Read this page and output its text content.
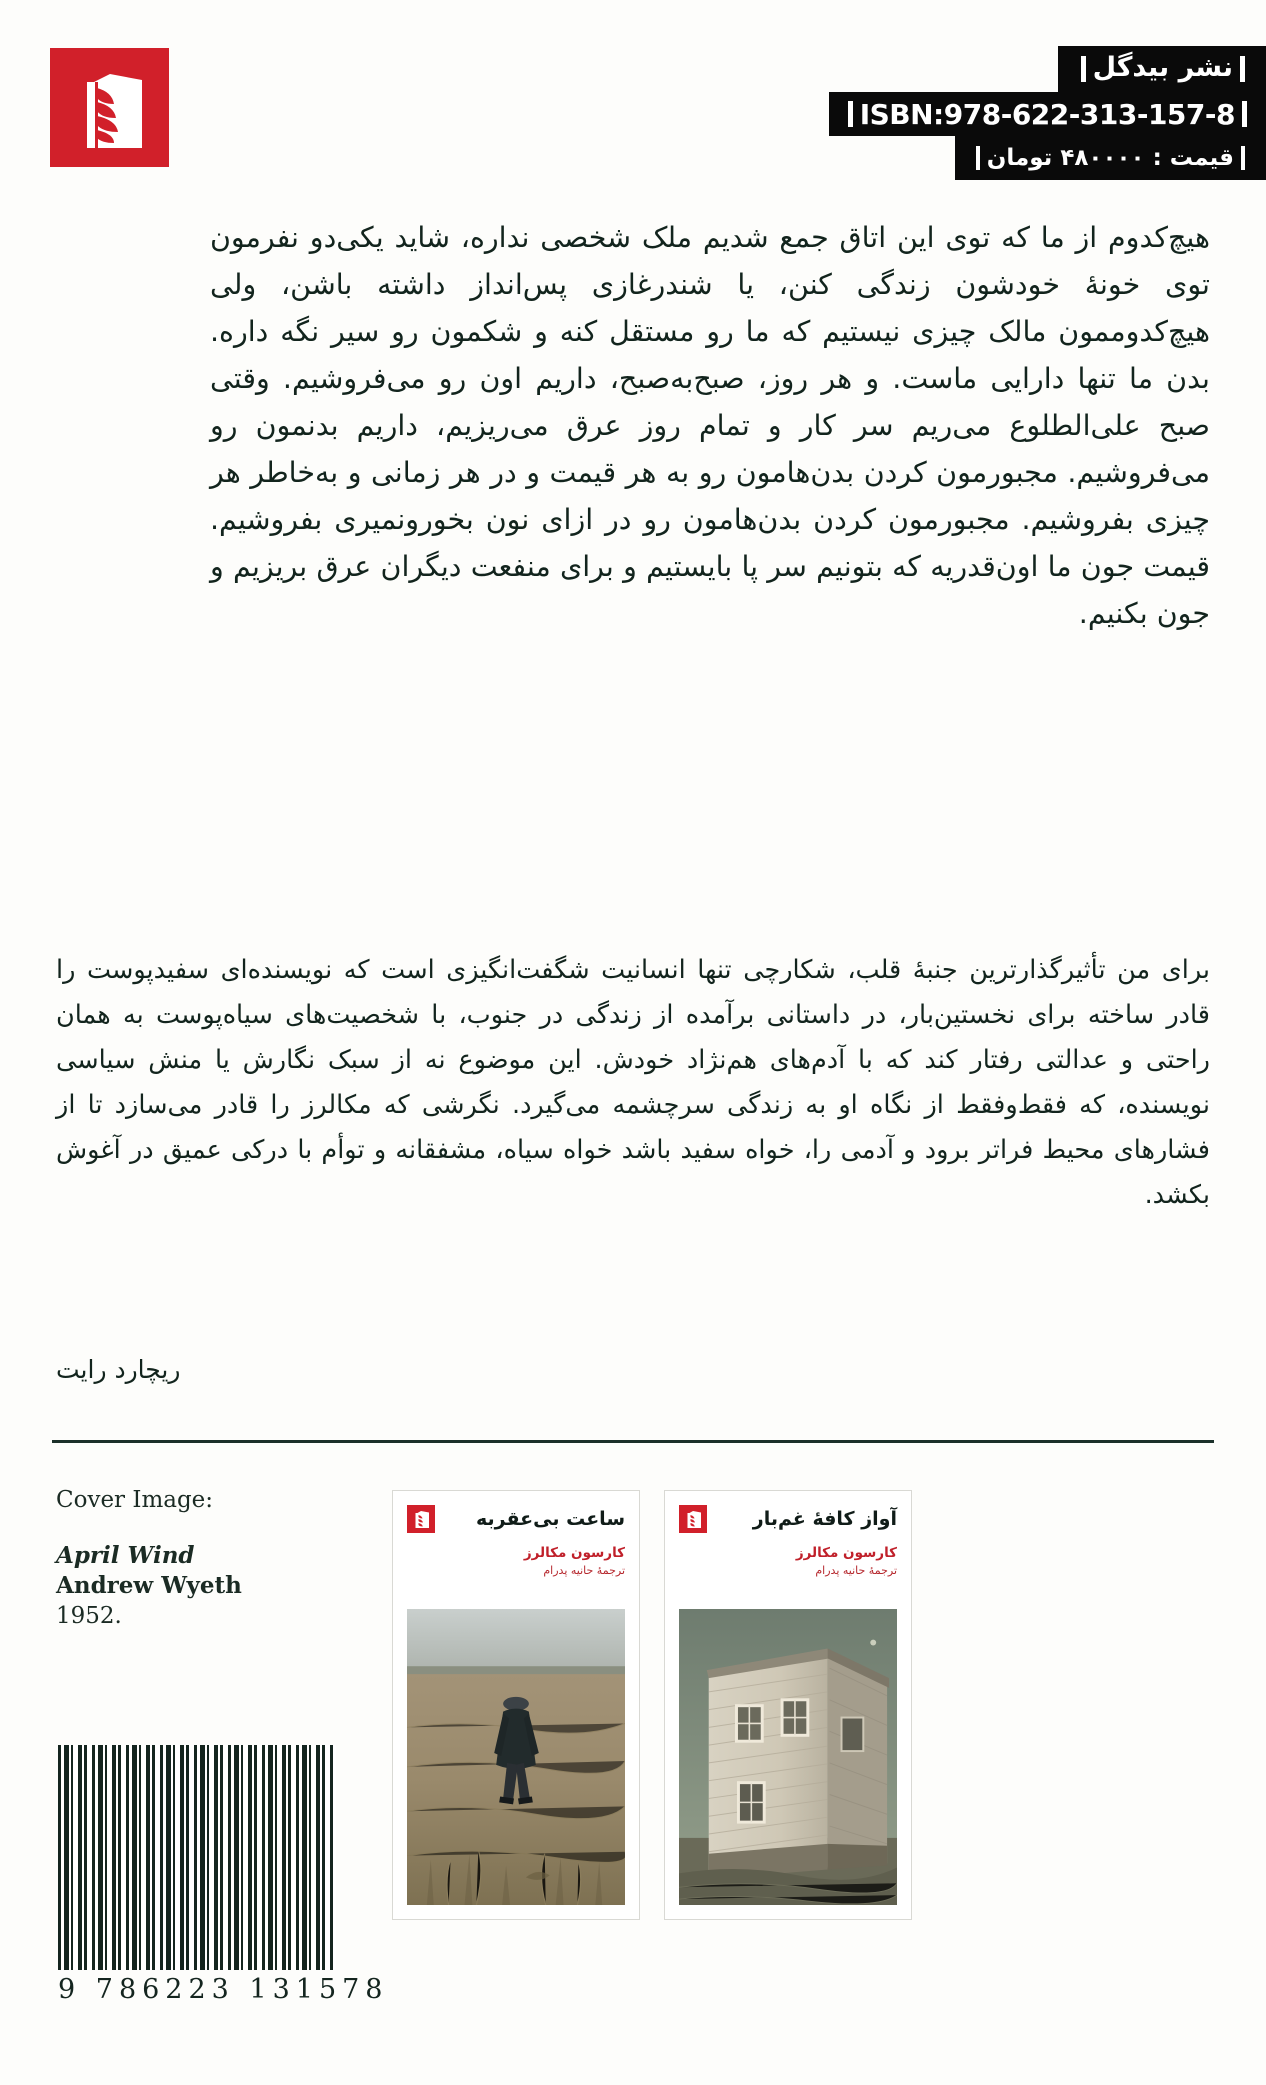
نشر بیدگل
ISBN:978-622-313-157-8
قیمت : ۴۸۰۰۰۰ تومان
هیچ‌کدوم از ما که توی این اتاق جمع شدیم ملک شخصی نداره، شاید یکی‌دو نفرمون توی خونهٔ خودشون زندگی کنن، یا شندرغازی پس‌انداز داشته باشن، ولی هیچ‌کدوممون مالک چیزی نیستیم که ما رو مستقل کنه و شکمون رو سیر نگه داره. بدن ما تنها دارایی ماست. و هر روز، صبح‌به‌صبح، داریم اون رو می‌فروشیم. وقتی صبح علی‌الطلوع می‌ریم سر کار و تمام روز عرق می‌ریزیم، داریم بدنمون رو می‌فروشیم. مجبورمون کردن بدن‌هامون رو به هر قیمت و در هر زمانی و به‌خاطر هر چیزی بفروشیم. مجبورمون کردن بدن‌هامون رو در ازای نون بخورونمیری بفروشیم. قیمت جون ما اون‌قدریه که بتونیم سر پا بایستیم و برای منفعت دیگران عرق بریزیم و جون بکنیم.
برای من تأثیرگذارترین جنبهٔ قلب، شکارچی تنها انسانیت شگفت‌انگیزی است که نویسنده‌ای سفیدپوست را قادر ساخته برای نخستین‌بار، در داستانی برآمده از زندگی در جنوب، با شخصیت‌های سیاه‌پوست به همان راحتی و عدالتی رفتار کند که با آدم‌های هم‌نژاد خودش. این موضوع نه از سبک نگارش یا منش سیاسی نویسنده، که فقط‌وفقط از نگاه او به زندگی سرچشمه می‌گیرد. نگرشی که مکالرز را قادر می‌سازد تا از فشارهای محیط فراتر برود و آدمی را، خواه سفید باشد خواه سیاه، مشفقانه و توأم با درکی عمیق در آغوش بکشد.
ریچارد رایت
Cover Image:
April Wind
Andrew Wyeth
1952.
9 786223 131578
ساعت بی‌عقربه
کارسون مکالرز
ترجمهٔ حانیه پدرام
آواز کافهٔ غم‌بار
کارسون مکالرز
ترجمهٔ حانیه پدرام
